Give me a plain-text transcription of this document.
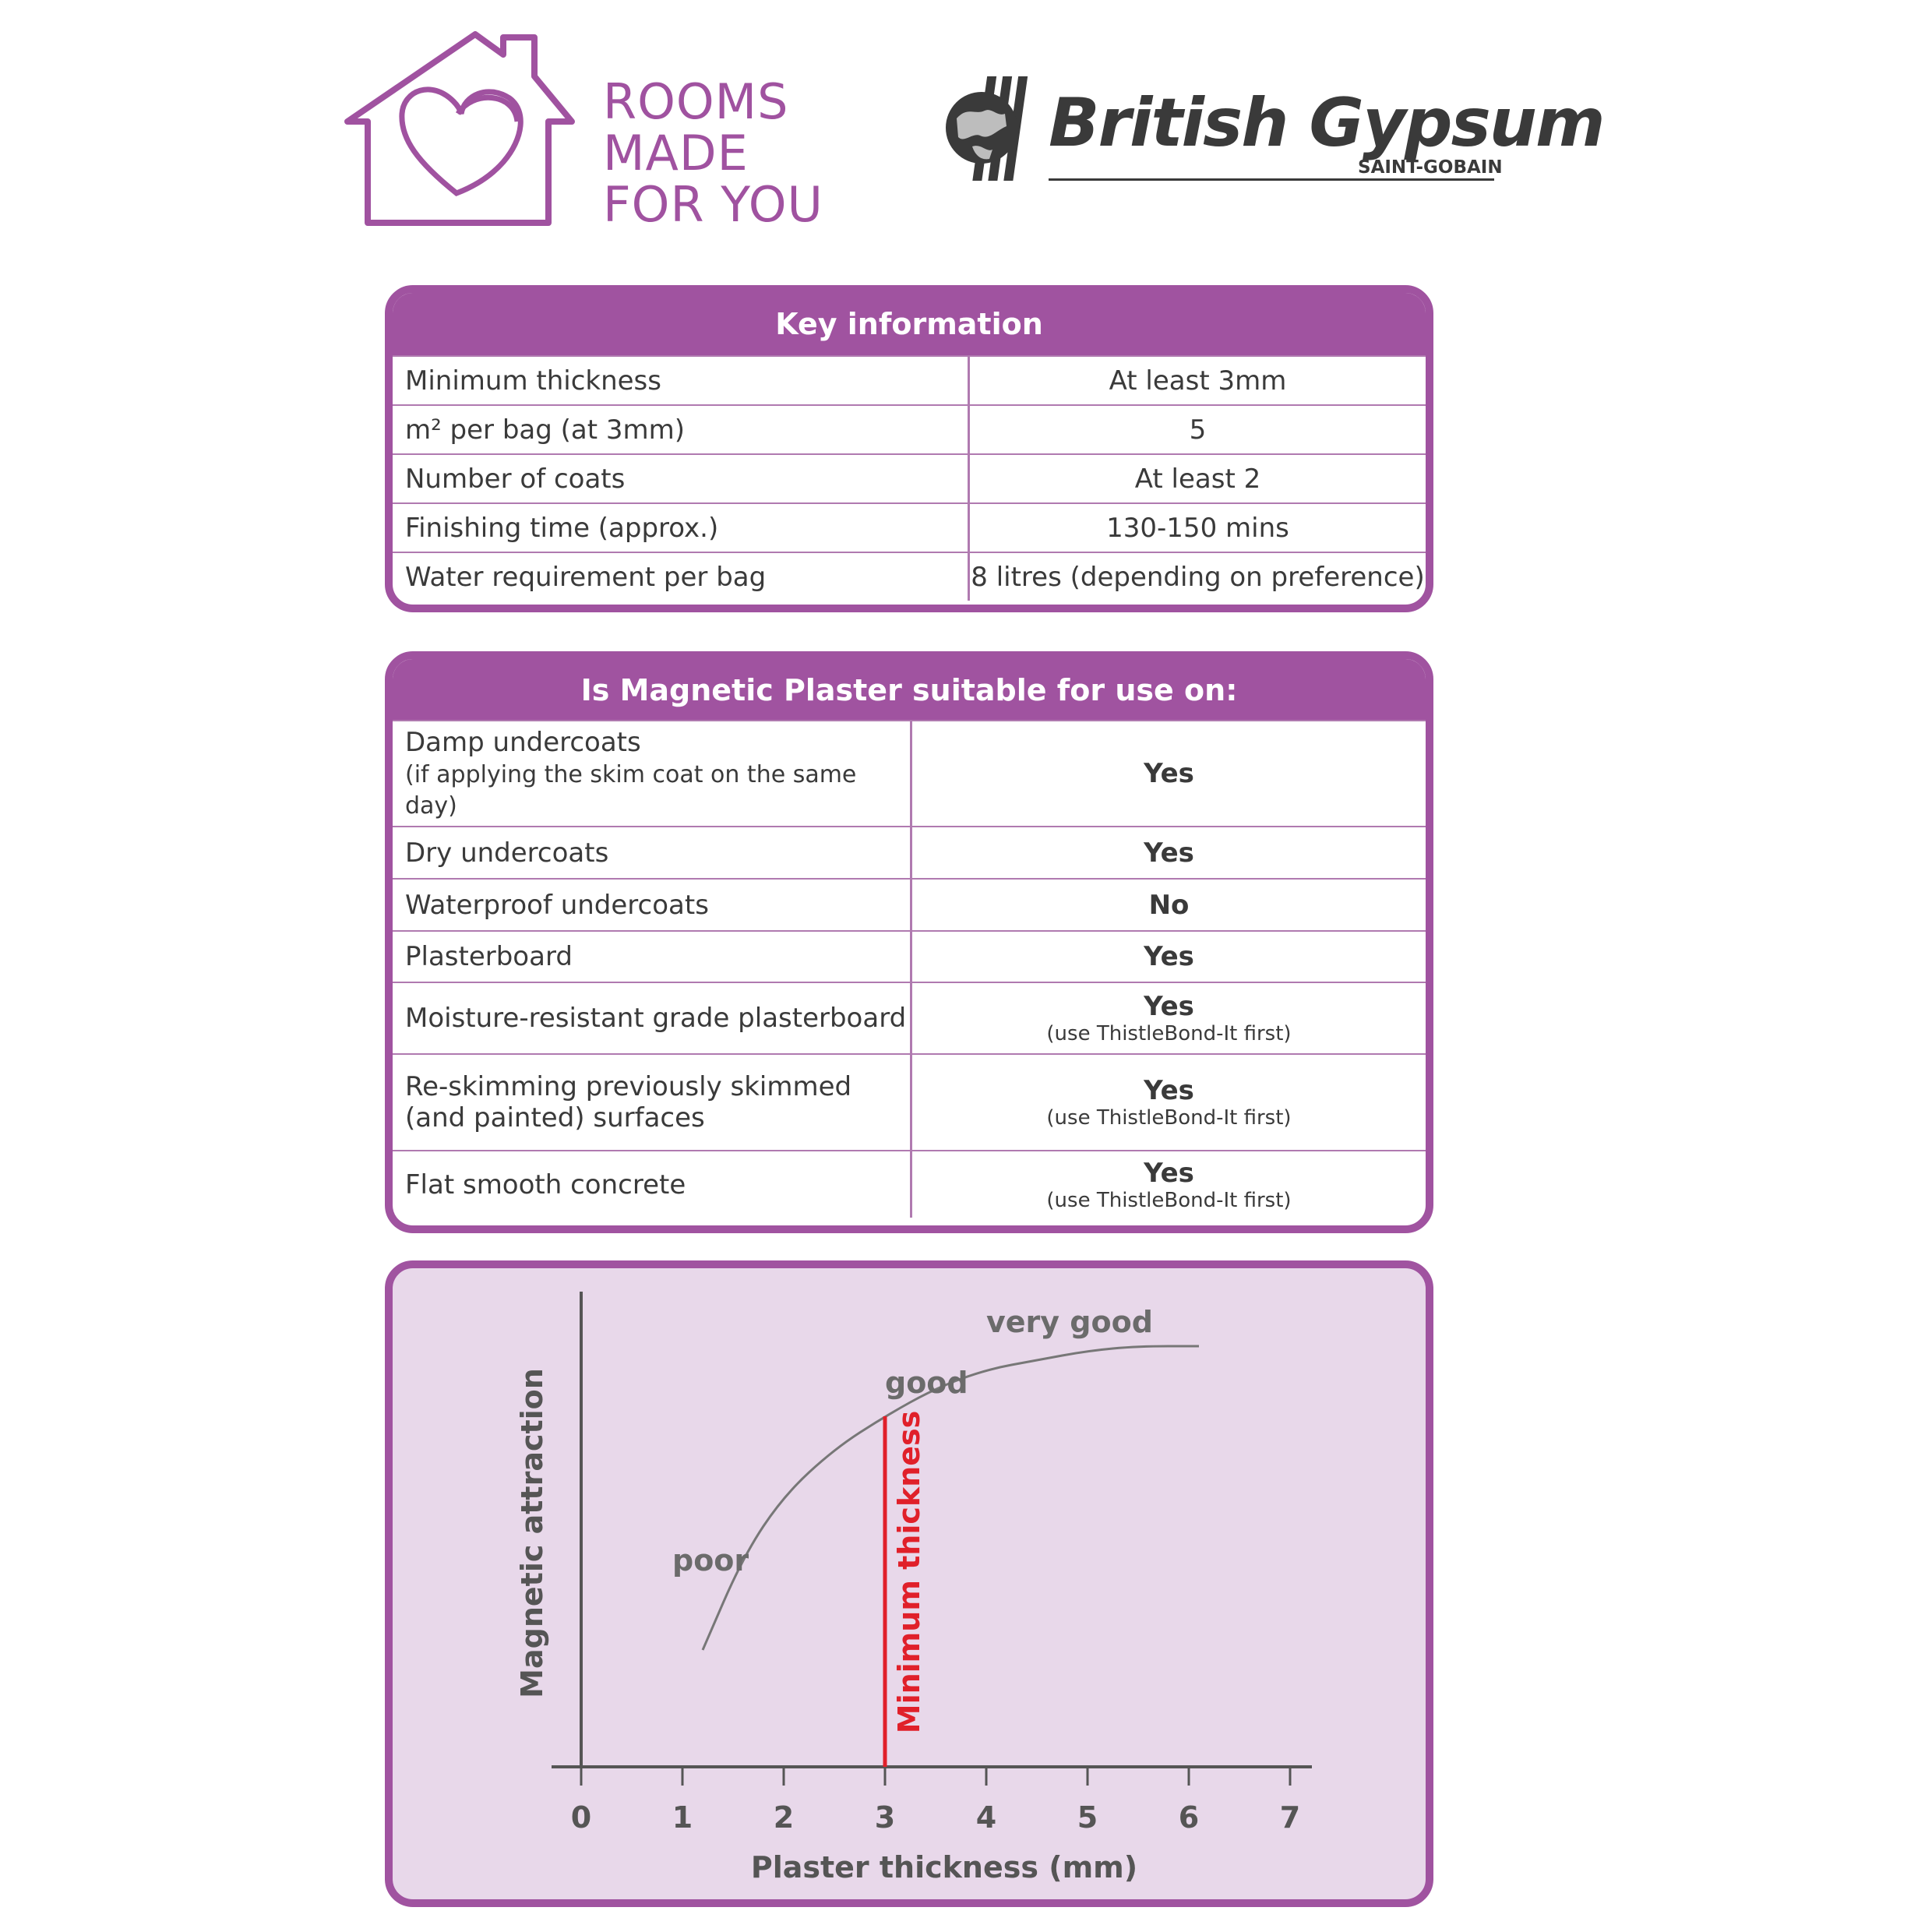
ROOMS
MADE
FOR YOU
British Gypsum
SAINT-GOBAIN
Key information
Minimum thickness	At least 3mm
m² per bag (at 3mm)	5
Number of coats	At least 2
Finishing time (approx.)	130-150 mins
Water requirement per bag	8 litres (depending on preference)
Is Magnetic Plaster suitable for use on:
Damp undercoats
(if applying the skim coat on the same day)	Yes
Dry undercoats	Yes
Waterproof undercoats	No
Plasterboard	Yes
Moisture-resistant grade plasterboard	Yes
(use ThistleBond-It first)

Re-skimming previously skimmed
(and painted) surfaces	Yes
(use ThistleBond-It first)

Flat smooth concrete	Yes
(use ThistleBond-It first)
0	1	2	3	4	5	6	7
Plaster thickness (mm)
Magnetic attraction	Minimum thickness
poor
good
very good
